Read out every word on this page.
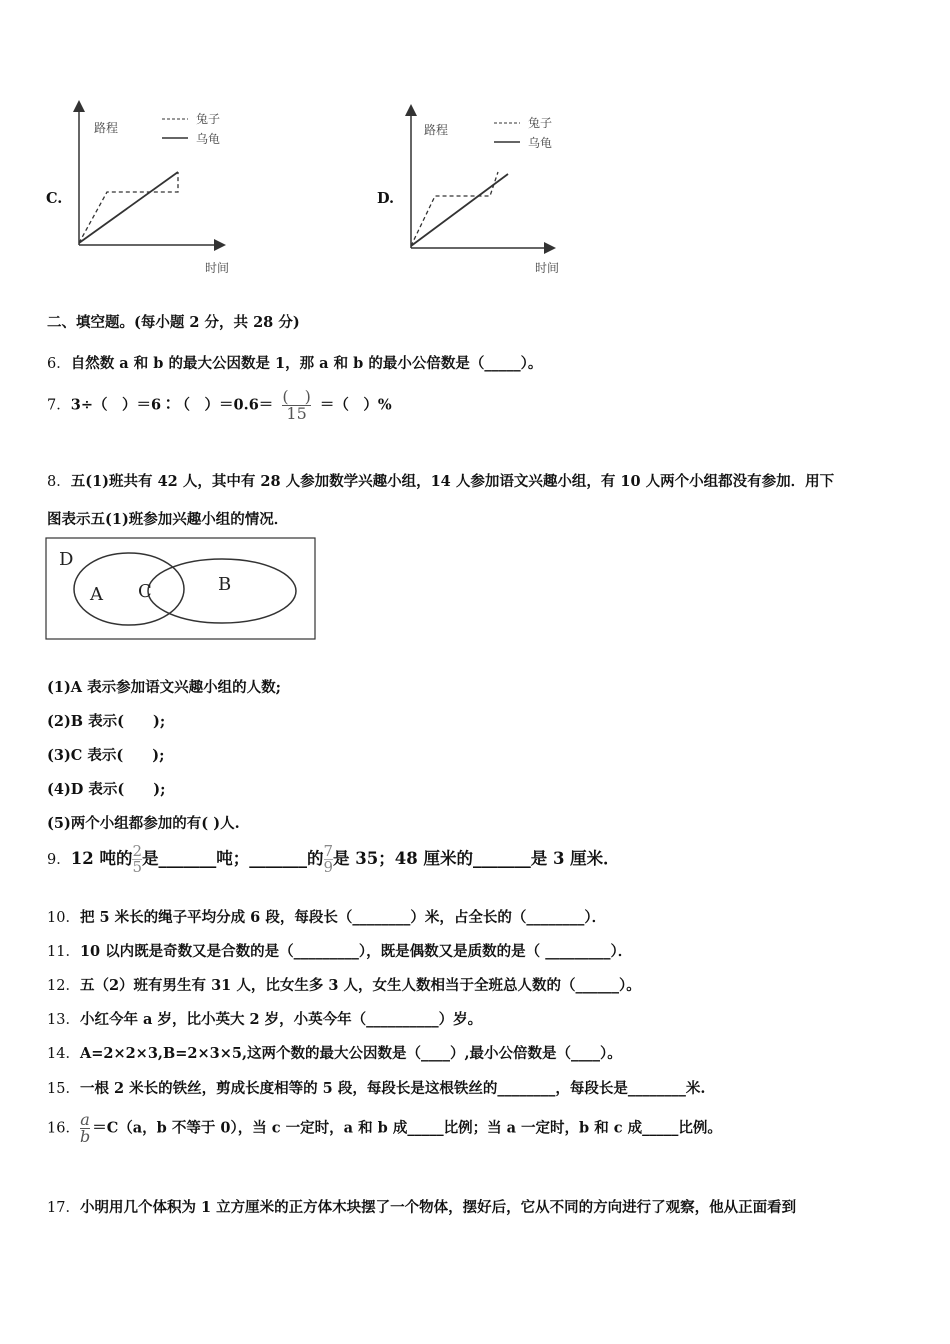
C.
路程
时间
兔子
乌龟
D.
路程
时间
兔子
乌龟
二、填空题。(每小题 2 分，共 28 分)
6．自然数 a 和 b 的最大公因数是 1，那 a 和 b 的最小公倍数是（_____）。
7．3÷（　）＝6∶（　）$=0.6= \frac{( )}{15}$ ＝（　）%
8．五(1)班共有 42 人，其中有 28 人参加数学兴趣小组，14 人参加语文兴趣小组，有 10 人两个小组都没有参加．用下
图表示五(1)班参加兴趣小组的情况．
D
A C	B
(1)A 表示参加语文兴趣小组的人数;
(2)B 表示(　　);
(3)C 表示(　　);
(4)D 表示(　　);
(5)两个小组都参加的有( )人.
9．12 吨的 $\frac{2}{5}$ 是_______吨；_______的 $\frac{7}{9}$ 是 35；48 厘米的_______是 3 厘米．
10．把 5 米长的绳子平均分成 6 段，每段长（________）米，占全长的（________）．
11．10 以内既是奇数又是合数的是（_________），既是偶数又是质数的是（ _________）．
12．五（2）班有男生有 31 人，比女生多 3 人，女生人数相当于全班总人数的（______）。
13．小红今年 a 岁，比小英大 2 岁，小英今年（__________）岁。
14．A=2×2×3,B=2×3×5,这两个数的最大公因数是（____）,最小公倍数是（____）。
15．一根 2 米长的铁丝，剪成长度相等的 5 段，每段长是这根铁丝的________，每段长是________米.
16． $\frac{a}{b} =C(a$，b 不等于 0），当 c 一定时，a 和 b 成_____比例；当 a 一定时，b 和 c 成_____比例。
17．小明用几个体积为 1 立方厘米的正方体木块摆了一个物体，摆好后，它从不同的方向进行了观察，他从正面看到
